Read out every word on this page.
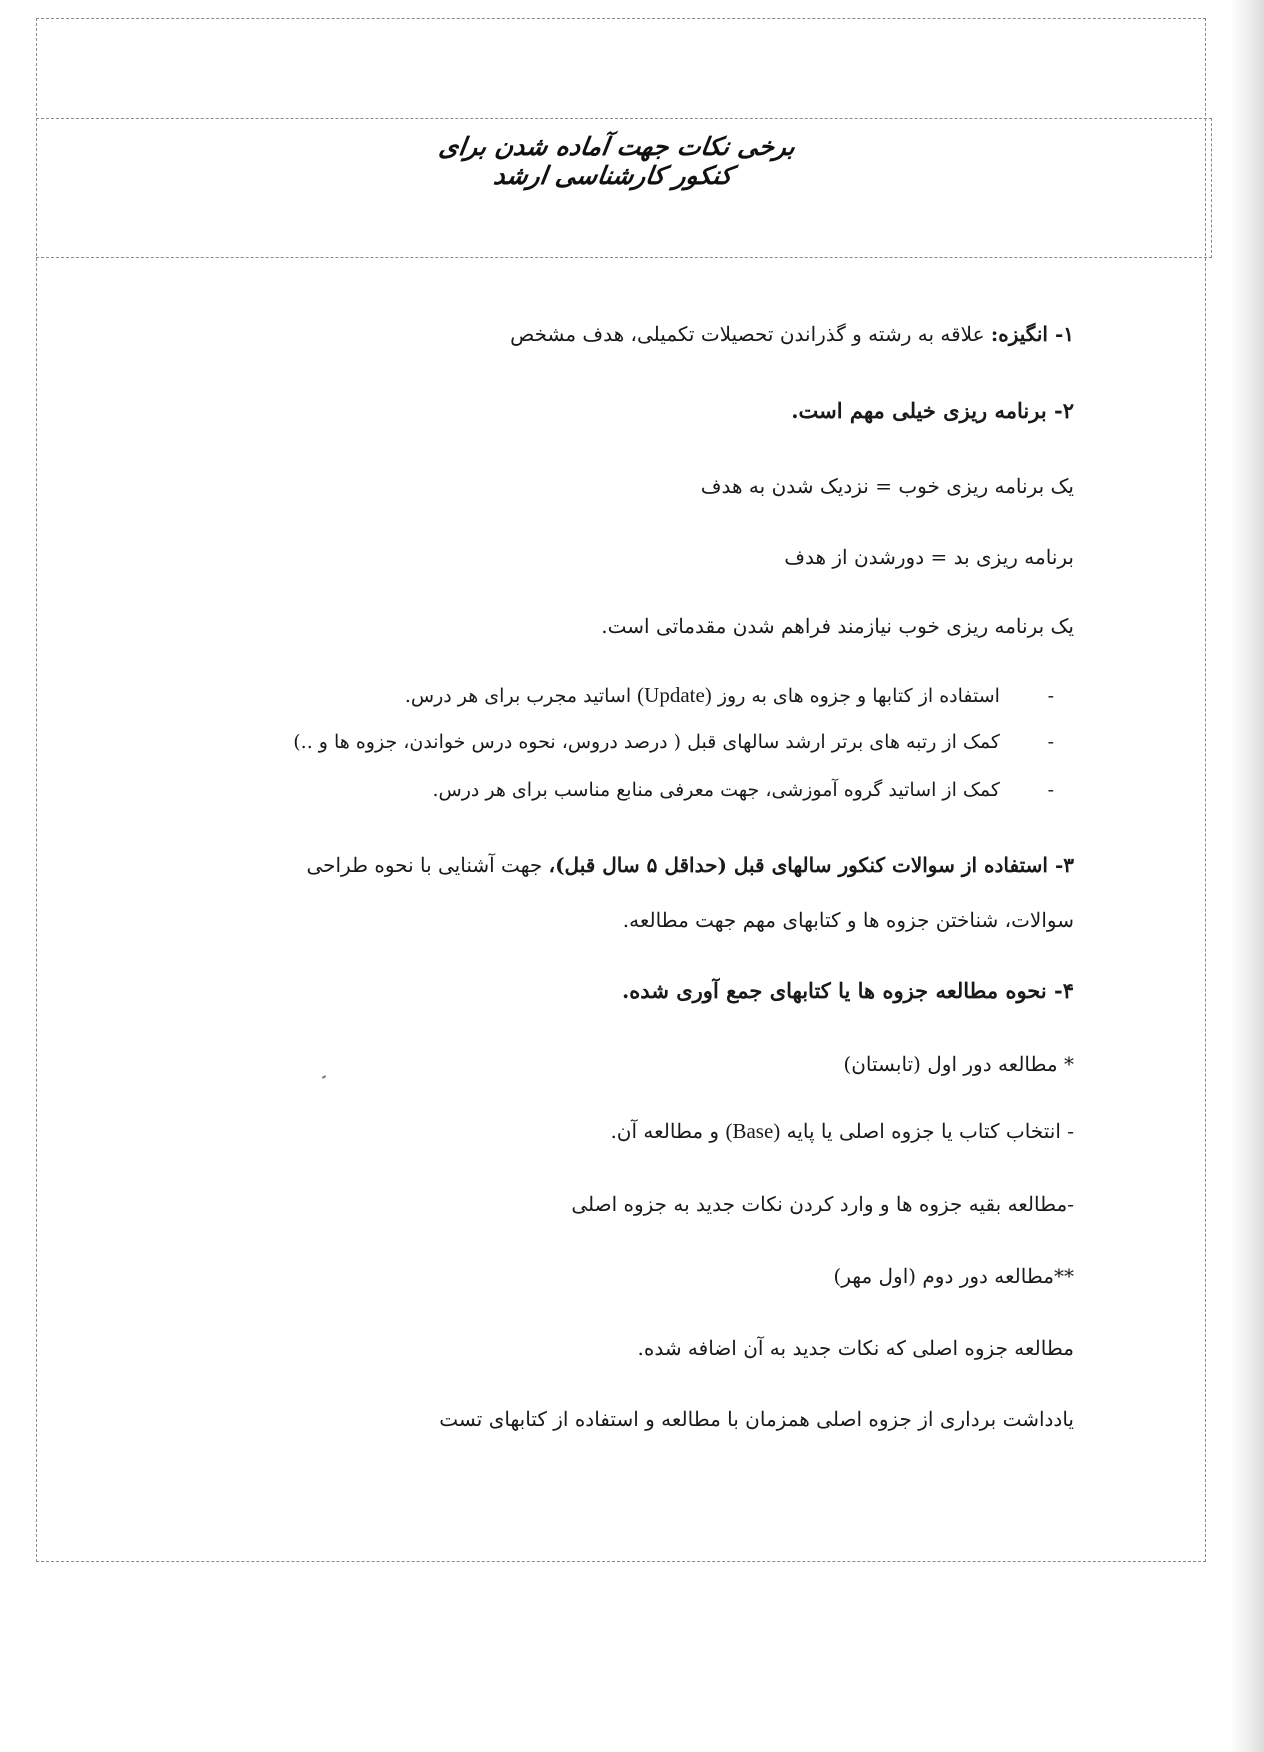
برخی نکات جهت آماده شدن برای کنکور کارشناسی ارشد
۱- انگیزه: علاقه به رشته و گذراندن تحصیلات تکمیلی، هدف مشخص
۲- برنامه ریزی خیلی مهم است.
یک برنامه ریزی خوب = نزدیک شدن به هدف
برنامه ریزی بد = دورشدن از هدف
یک برنامه ریزی خوب نیازمند فراهم شدن مقدماتی است.
- استفاده از کتابها و جزوه های به روز (Update) اساتید مجرب برای هر درس.
- کمک از رتبه های برتر ارشد سالهای قبل ( درصد دروس، نحوه درس خواندن، جزوه ها و ..)
- کمک از اساتید گروه آموزشی، جهت معرفی منابع مناسب برای هر درس.
۳- استفاده از سوالات کنکور سالهای قبل (حداقل ۵ سال قبل)، جهت آشنایی با نحوه طراحی
سوالات، شناختن جزوه ها و کتابهای مهم جهت مطالعه.
۴- نحوه مطالعه جزوه ها یا کتابهای جمع آوری شده.
* مطالعه دور اول (تابستان)
- انتخاب کتاب یا جزوه اصلی یا پایه (Base) و مطالعه آن.
-مطالعه بقیه جزوه ها و وارد کردن نکات جدید به جزوه اصلی
**مطالعه دور دوم (اول مهر)
مطالعه جزوه اصلی که نکات جدید به آن اضافه شده.
یادداشت برداری از جزوه اصلی همزمان با مطالعه و استفاده از کتابهای تست
